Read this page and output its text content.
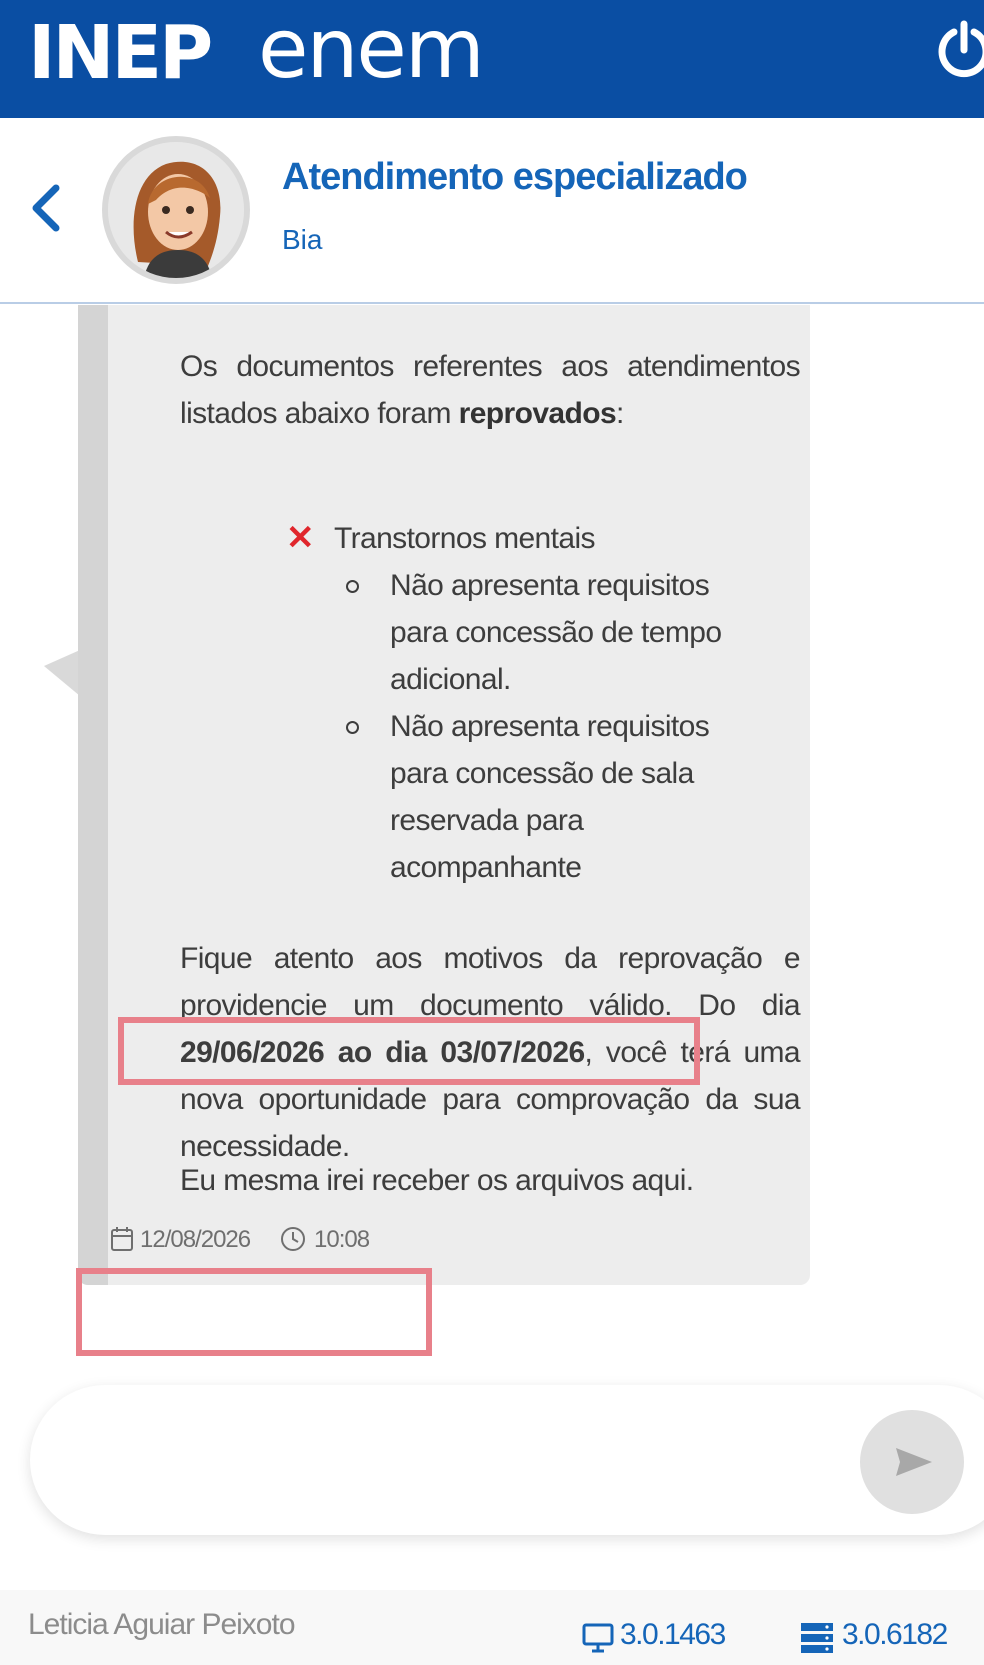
INEP enem
Atendimento especializado
Bia

Os documentos referentes aos atendimentos listados abaixo foram reprovados:

✕ Transtornos mentais
Não apresenta requisitos para concessão de tempo adicional.
Não apresenta requisitos para concessão de sala reservada para acompanhante

Fique atento aos motivos da reprovação e providencie um documento válido. Do dia 29/06/2026 ao dia 03/07/2026, você terá uma nova oportunidade para comprovação da sua necessidade.

Eu mesma irei receber os arquivos aqui.

12/08/2026	10:08
Leticia Aguiar Peixoto	3.0.1463	3.0.6182
